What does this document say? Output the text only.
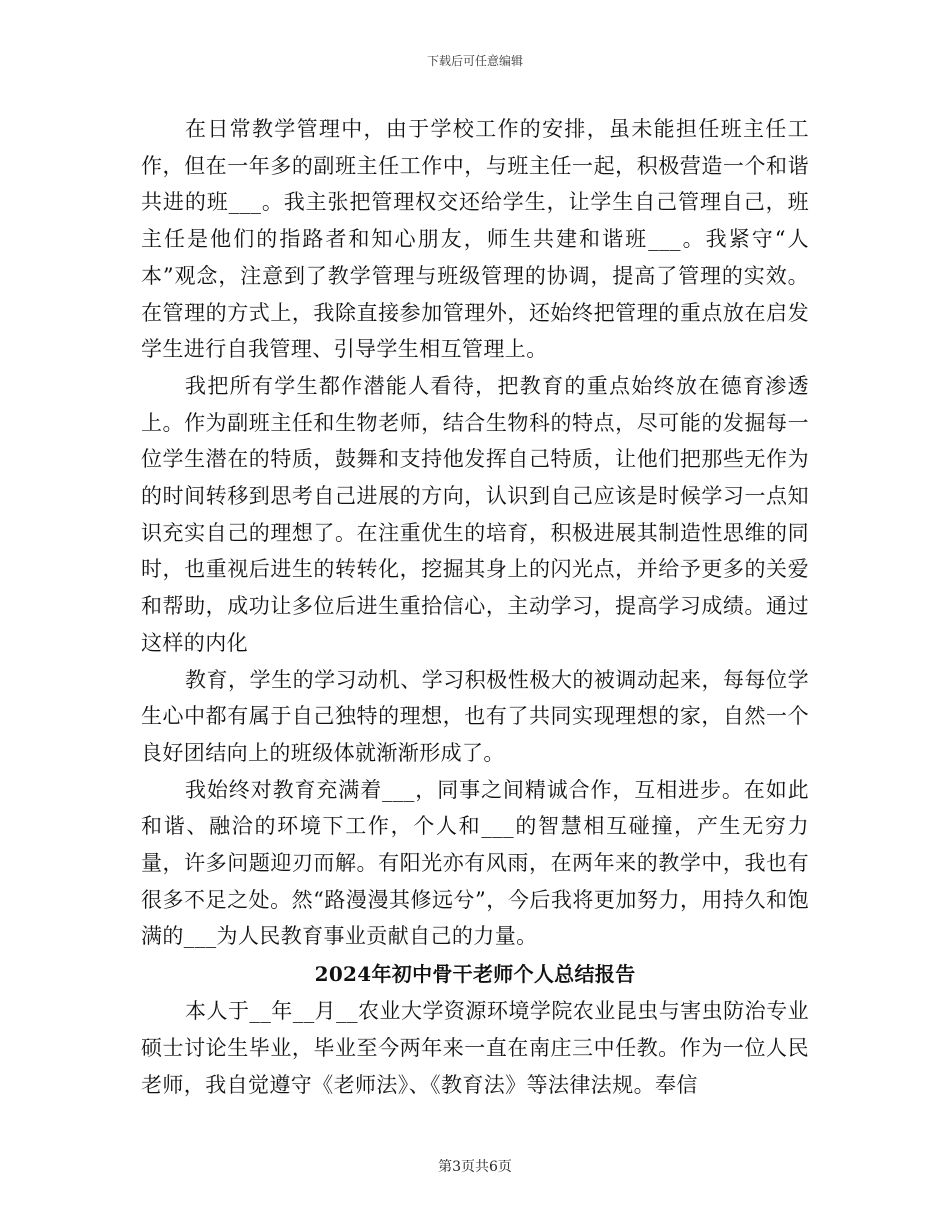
下载后可任意编辑

在日常教学管理中，由于学校工作的安排，虽未能担任班主任工作，但在一年多的副班主任工作中，与班主任一起，积极营造一个和谐共进的班___。我主张把管理权交还给学生，让学生自己管理自己，班主任是他们的指路者和知心朋友，师生共建和谐班___。我紧守“人本”观念，注意到了教学管理与班级管理的协调，提高了管理的实效。在管理的方式上，我除直接参加管理外，还始终把管理的重点放在启发学生进行自我管理、引导学生相互管理上。

我把所有学生都作潜能人看待，把教育的重点始终放在德育渗透上。作为副班主任和生物老师，结合生物科的特点，尽可能的发掘每一位学生潜在的特质，鼓舞和支持他发挥自己特质，让他们把那些无作为的时间转移到思考自己进展的方向，认识到自己应该是时候学习一点知识充实自己的理想了。在注重优生的培育，积极进展其制造性思维的同时，也重视后进生的转转化，挖掘其身上的闪光点，并给予更多的关爱和帮助，成功让多位后进生重拾信心，主动学习，提高学习成绩。通过这样的内化

教育，学生的学习动机、学习积极性极大的被调动起来，每每位学生心中都有属于自己独特的理想，也有了共同实现理想的家，自然一个良好团结向上的班级体就渐渐形成了。

我始终对教育充满着___，同事之间精诚合作，互相进步。在如此和谐、融洽的环境下工作，个人和___的智慧相互碰撞，产生无穷力量，许多问题迎刃而解。有阳光亦有风雨，在两年来的教学中，我也有很多不足之处。然“路漫漫其修远兮”，今后我将更加努力，用持久和饱满的___为人民教育事业贡献自己的力量。

2024年初中骨干老师个人总结报告

本人于__年__月__农业大学资源环境学院农业昆虫与害虫防治专业硕士讨论生毕业，毕业至今两年来一直在南庄三中任教。作为一位人民老师，我自觉遵守《老师法》、《教育法》等法律法规。奉信

第3页共6页
